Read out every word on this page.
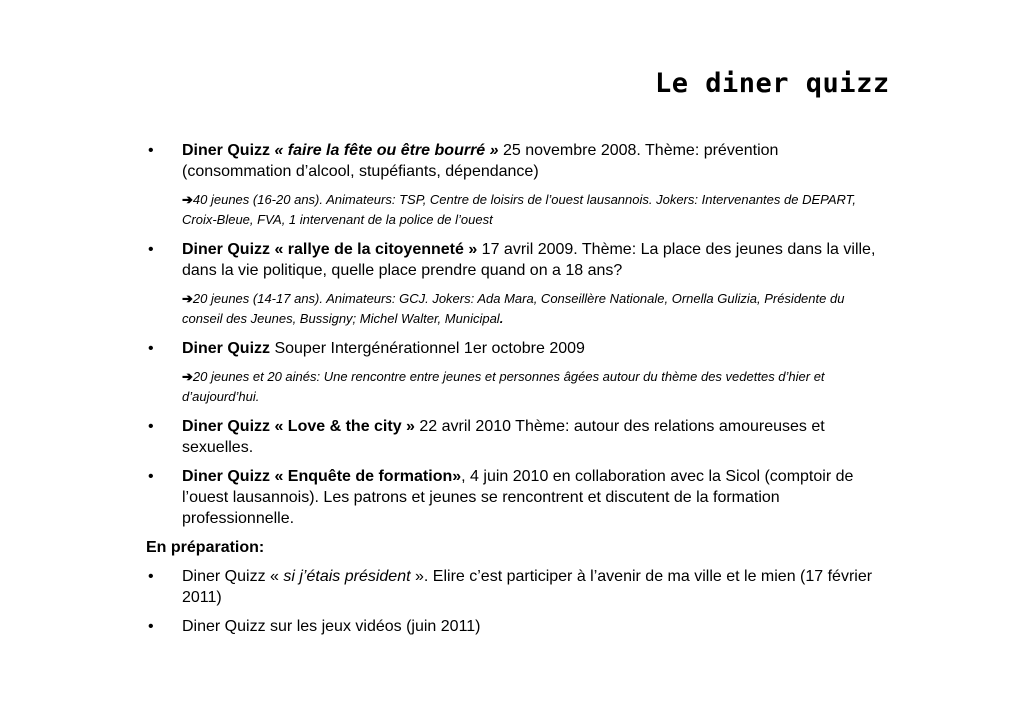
Le diner quizz
• Diner Quizz « faire la fête ou être bourré » 25 novembre 2008. Thème: prévention (consommation d’alcool, stupéfiants, dépendance)
➔40 jeunes (16-20 ans). Animateurs: TSP, Centre de loisirs de l’ouest lausannois. Jokers: Intervenantes de DEPART, Croix-Bleue, FVA, 1 intervenant de la police de l’ouest
• Diner Quizz « rallye de la citoyenneté » 17 avril 2009. Thème: La place des jeunes dans la ville, dans la vie politique, quelle place prendre quand on a 18 ans?
➔20 jeunes (14-17 ans). Animateurs: GCJ. Jokers: Ada Mara, Conseillère Nationale, Ornella Gulizia, Présidente du conseil des Jeunes, Bussigny; Michel Walter, Municipal.
• Diner Quizz Souper Intergénérationnel 1er octobre 2009
➔20 jeunes et 20 ainés: Une rencontre entre jeunes et personnes âgées autour du thème des vedettes d’hier et d’aujourd’hui.
• Diner Quizz « Love & the city » 22 avril 2010 Thème: autour des relations amoureuses et sexuelles.
• Diner Quizz « Enquête de formation», 4 juin 2010 en collaboration avec la Sicol (comptoir de l’ouest lausannois). Les patrons et jeunes se rencontrent et discutent de la formation professionnelle.
En préparation:
• Diner Quizz « si j’étais président ». Elire c’est participer à l’avenir de ma ville et le mien (17 février 2011)
• Diner Quizz sur les jeux vidéos (juin 2011)
